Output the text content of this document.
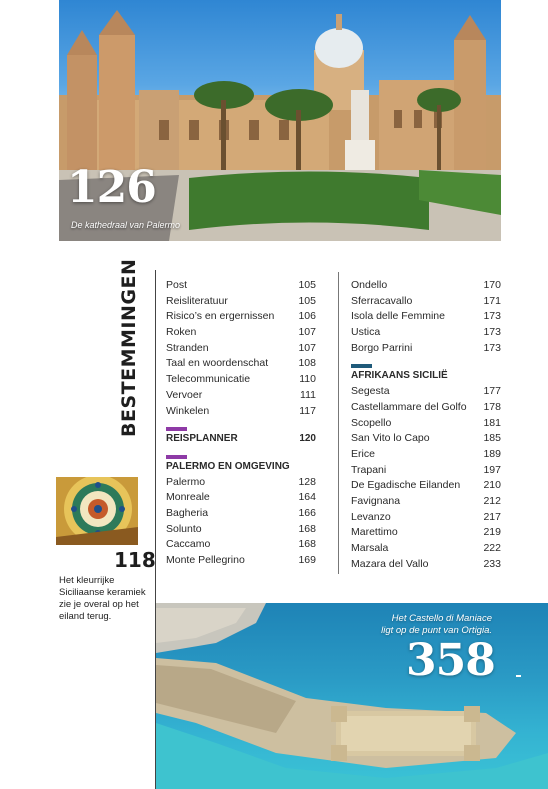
126
De kathedraal van Palermo
BESTEMMINGEN Post	105
Reisliteratuur	105
Risico’s en ergernissen 106
Roken	107
Stranden	107
Taal en woordenschat	108
Telecommunicatie	110
Vervoer	111
Winkelen	117
REISPLANNER	120
PALERMO EN OMGEVING
Palermo	128
Monreale	164
Bagheria	166
Solunto	168
Caccamo	168
Monte Pellegrino	169
Ondello	170
Sferracavallo	171
Isola delle Femmine	173
Ustica	173
Borgo Parrini	173
AFRIKAANS SICILIË
Segesta	177
Castellammare del Golfo 178
Scopello	181
San Vito lo Capo	185
Erice	189
Trapani	197
De Egadische Eilanden 210
Favignana	212
Levanzo	217
Marettimo	219
Marsala	222
Mazara del Vallo	233
118
Het kleurrijke Siciliaanse keramiek zie je overal op het eiland terug.	Het Castello di Maniace
ligt op de punt van Ortigia.
358
